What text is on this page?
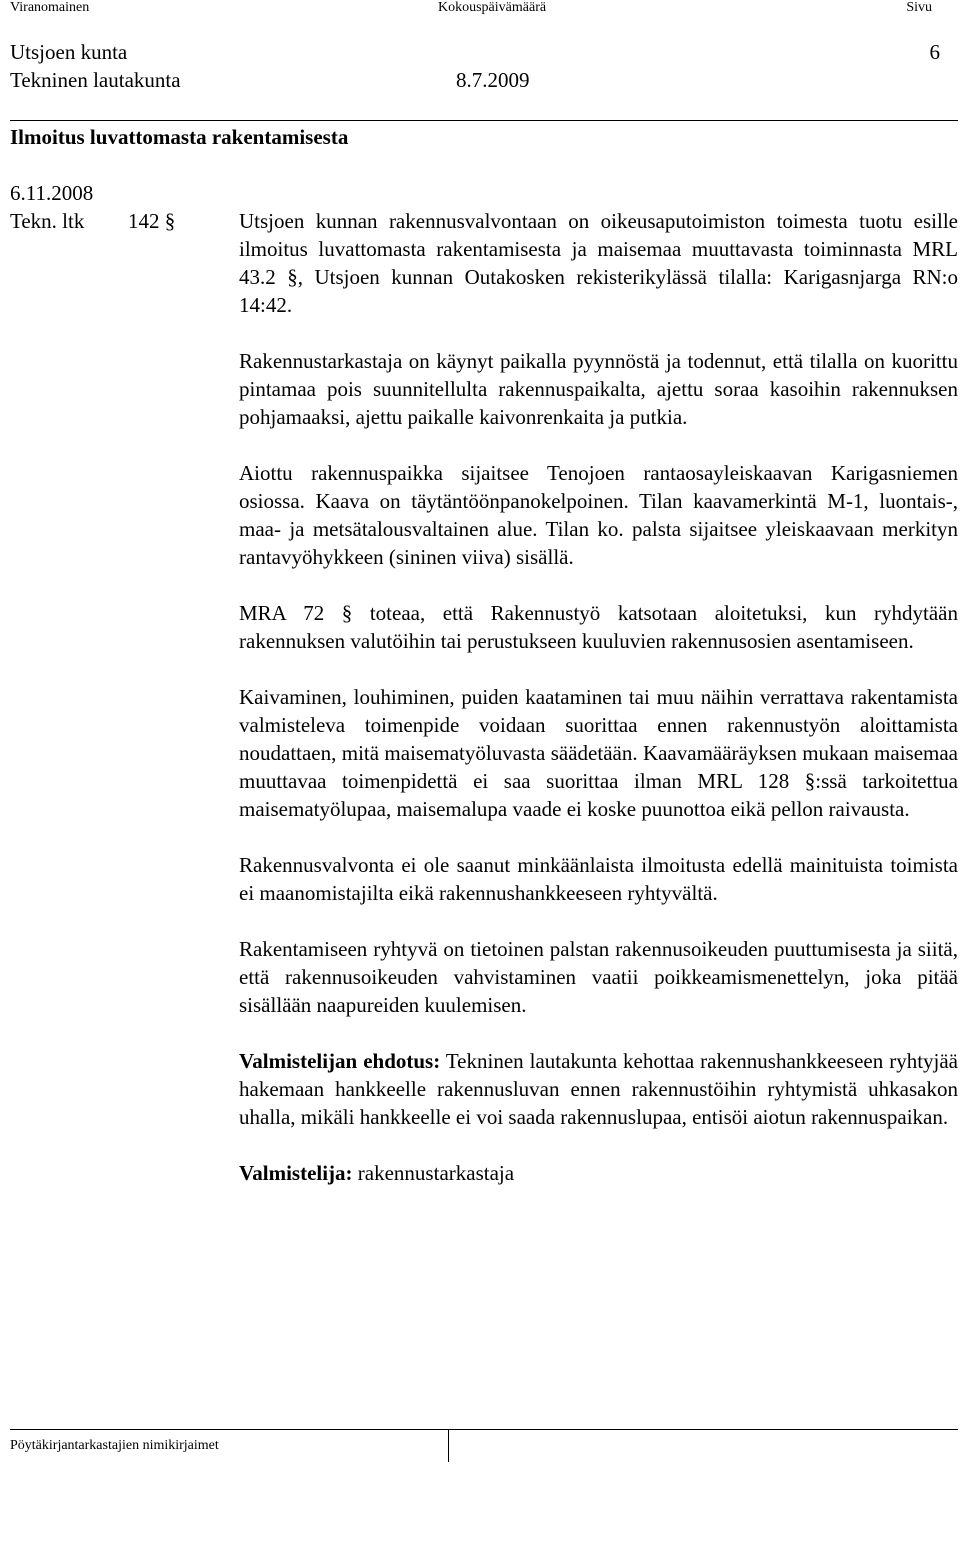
Viranomainen	Kokouspäivämäärä	Sivu
Utsjoen kunta	6
Tekninen lautakunta	8.7.2009
Ilmoitus luvattomasta rakentamisesta
6.11.2008
Tekn. ltk 142 §	Utsjoen kunnan rakennusvalvontaan on oikeusaputoimiston toimesta tuotu esille ilmoitus luvattomasta rakentamisesta ja maisemaa muuttavasta toiminnasta MRL 43.2 §, Utsjoen kunnan Outakosken rekisterikylässä tilalla: Karigasnjarga RN:o 14:42.

Rakennustarkastaja on käynyt paikalla pyynnöstä ja todennut, että tilalla on kuorittu pintamaa pois suunnitellulta rakennuspaikalta, ajettu soraa kasoihin rakennuksen pohjamaaksi, ajettu paikalle kaivonrenkaita ja putkia.

Aiottu rakennuspaikka sijaitsee Tenojoen rantaosayleiskaavan Karigasniemen osiossa. Kaava on täytäntöönpanokelpoinen. Tilan kaavamerkintä M-1, luontais-, maa- ja metsätalousvaltainen alue. Tilan ko. palsta sijaitsee yleiskaavaan merkityn rantavyöhykkeen (sininen viiva) sisällä.

MRA 72 § toteaa, että Rakennustyö katsotaan aloitetuksi, kun ryhdytään rakennuksen valutöihin tai perustukseen kuuluvien rakennusosien asentamiseen.

Kaivaminen, louhiminen, puiden kaataminen tai muu näihin verrattava rakentamista valmisteleva toimenpide voidaan suorittaa ennen rakennustyön aloittamista noudattaen, mitä maisematyöluvasta säädetään. Kaavamääräyksen mukaan maisemaa muuttavaa toimenpidettä ei saa suorittaa ilman MRL 128 §:ssä tarkoitettua maisematyölupaa, maisemalupa vaade ei koske puunottoa eikä pellon raivausta.

Rakennusvalvonta ei ole saanut minkäänlaista ilmoitusta edellä mainituista toimista ei maanomistajilta eikä rakennushankkeeseen ryhtyvältä.

Rakentamiseen ryhtyvä on tietoinen palstan rakennusoikeuden puuttumisesta ja siitä, että rakennusoikeuden vahvistaminen vaatii poikkeamismenettelyn, joka pitää sisällään naapureiden kuulemisen.

Valmistelijan ehdotus: Tekninen lautakunta kehottaa rakennushankkeeseen ryhtyjää hakemaan hankkeelle rakennusluvan ennen rakennustöihin ryhtymistä uhkasakon uhalla, mikäli hankkeelle ei voi saada rakennuslupaa, entisöi aiotun rakennuspaikan.

Valmistelija: rakennustarkastaja

Pöytäkirjantarkastajien nimikirjaimet
